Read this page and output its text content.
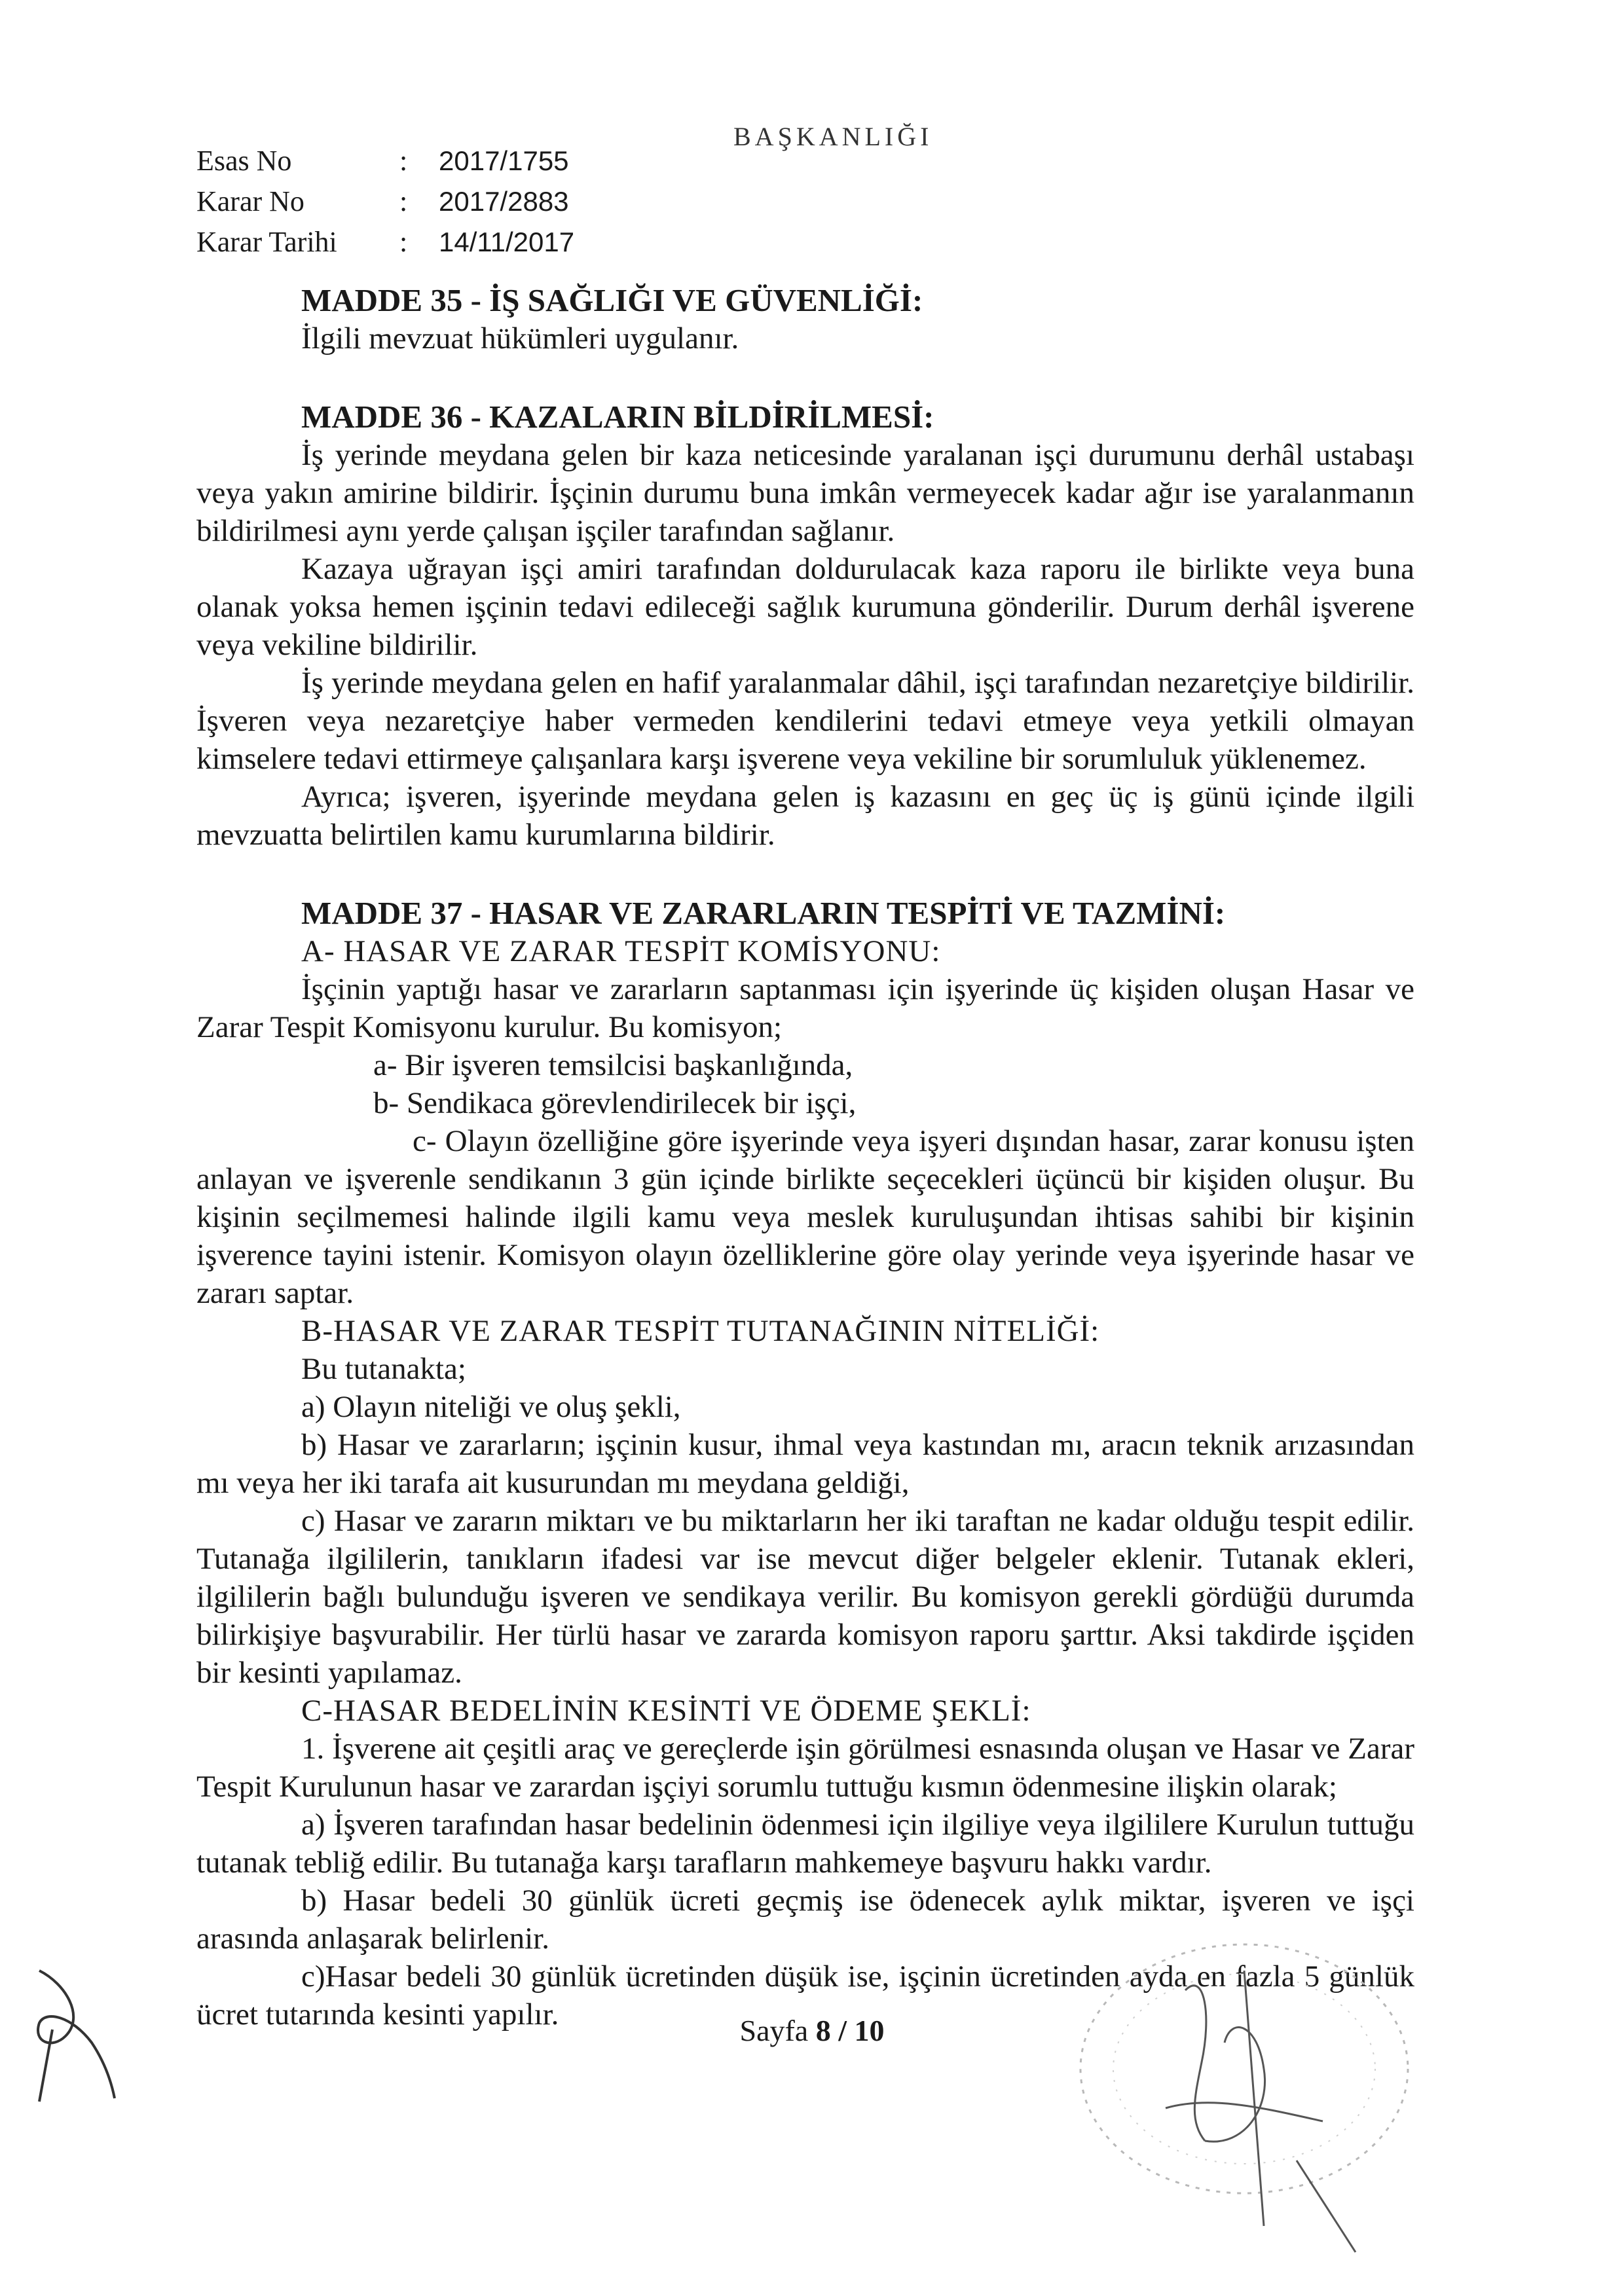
BAŞKANLIĞI
Esas No	:	2017/1755
Karar No	:	2017/2883
Karar Tarihi	:	14/11/2017

MADDE 35 - İŞ SAĞLIĞI VE GÜVENLİĞİ:

İlgili mevzuat hükümleri uygulanır.

MADDE 36 - KAZALARIN BİLDİRİLMESİ:

İş yerinde meydana gelen bir kaza neticesinde yaralanan işçi durumunu derhâl ustabaşı veya yakın amirine bildirir. İşçinin durumu buna imkân vermeyecek kadar ağır ise yaralanmanın bildirilmesi aynı yerde çalışan işçiler tarafından sağlanır.

Kazaya uğrayan işçi amiri tarafından doldurulacak kaza raporu ile birlikte veya buna olanak yoksa hemen işçinin tedavi edileceği sağlık kurumuna gönderilir. Durum derhâl işverene veya vekiline bildirilir.

İş yerinde meydana gelen en hafif yaralanmalar dâhil, işçi tarafından nezaretçiye bildirilir. İşveren veya nezaretçiye haber vermeden kendilerini tedavi etmeye veya yetkili olmayan kimselere tedavi ettirmeye çalışanlara karşı işverene veya vekiline bir sorumluluk yüklenemez.

Ayrıca; işveren, işyerinde meydana gelen iş kazasını en geç üç iş günü içinde ilgili mevzuatta belirtilen kamu kurumlarına bildirir.

MADDE 37 - HASAR VE ZARARLARIN TESPİTİ VE TAZMİNİ:

A- HASAR VE ZARAR TESPİT KOMİSYONU:

İşçinin yaptığı hasar ve zararların saptanması için işyerinde üç kişiden oluşan Hasar ve Zarar Tespit Komisyonu kurulur. Bu komisyon;

a- Bir işveren temsilcisi başkanlığında,

b- Sendikaca görevlendirilecek bir işçi,

c- Olayın özelliğine göre işyerinde veya işyeri dışından hasar, zarar konusu işten anlayan ve işverenle sendikanın 3 gün içinde birlikte seçecekleri üçüncü bir kişiden oluşur. Bu kişinin seçilmemesi halinde ilgili kamu veya meslek kuruluşundan ihtisas sahibi bir kişinin işverence tayini istenir. Komisyon olayın özelliklerine göre olay yerinde veya işyerinde hasar ve zararı saptar.

B-HASAR VE ZARAR TESPİT TUTANAĞININ NİTELİĞİ:

Bu tutanakta;

a) Olayın niteliği ve oluş şekli,

b) Hasar ve zararların; işçinin kusur, ihmal veya kastından mı, aracın teknik arızasından mı veya her iki tarafa ait kusurundan mı meydana geldiği,

c) Hasar ve zararın miktarı ve bu miktarların her iki taraftan ne kadar olduğu tespit edilir. Tutanağa ilgililerin, tanıkların ifadesi var ise mevcut diğer belgeler eklenir. Tutanak ekleri, ilgililerin bağlı bulunduğu işveren ve sendikaya verilir. Bu komisyon gerekli gördüğü durumda bilirkişiye başvurabilir. Her türlü hasar ve zararda komisyon raporu şarttır. Aksi takdirde işçiden bir kesinti yapılamaz.

C-HASAR BEDELİNİN KESİNTİ VE ÖDEME ŞEKLİ:

1. İşverene ait çeşitli araç ve gereçlerde işin görülmesi esnasında oluşan ve Hasar ve Zarar Tespit Kurulunun hasar ve zarardan işçiyi sorumlu tuttuğu kısmın ödenmesine ilişkin olarak;

a) İşveren tarafından hasar bedelinin ödenmesi için ilgiliye veya ilgililere Kurulun tuttuğu tutanak tebliğ edilir. Bu tutanağa karşı tarafların mahkemeye başvuru hakkı vardır.

b) Hasar bedeli 30 günlük ücreti geçmiş ise ödenecek aylık miktar, işveren ve işçi arasında anlaşarak belirlenir.

c)Hasar bedeli 30 günlük ücretinden düşük ise, işçinin ücretinden ayda en fazla 5 günlük ücret tutarında kesinti yapılır.	Sayfa 8 / 10
